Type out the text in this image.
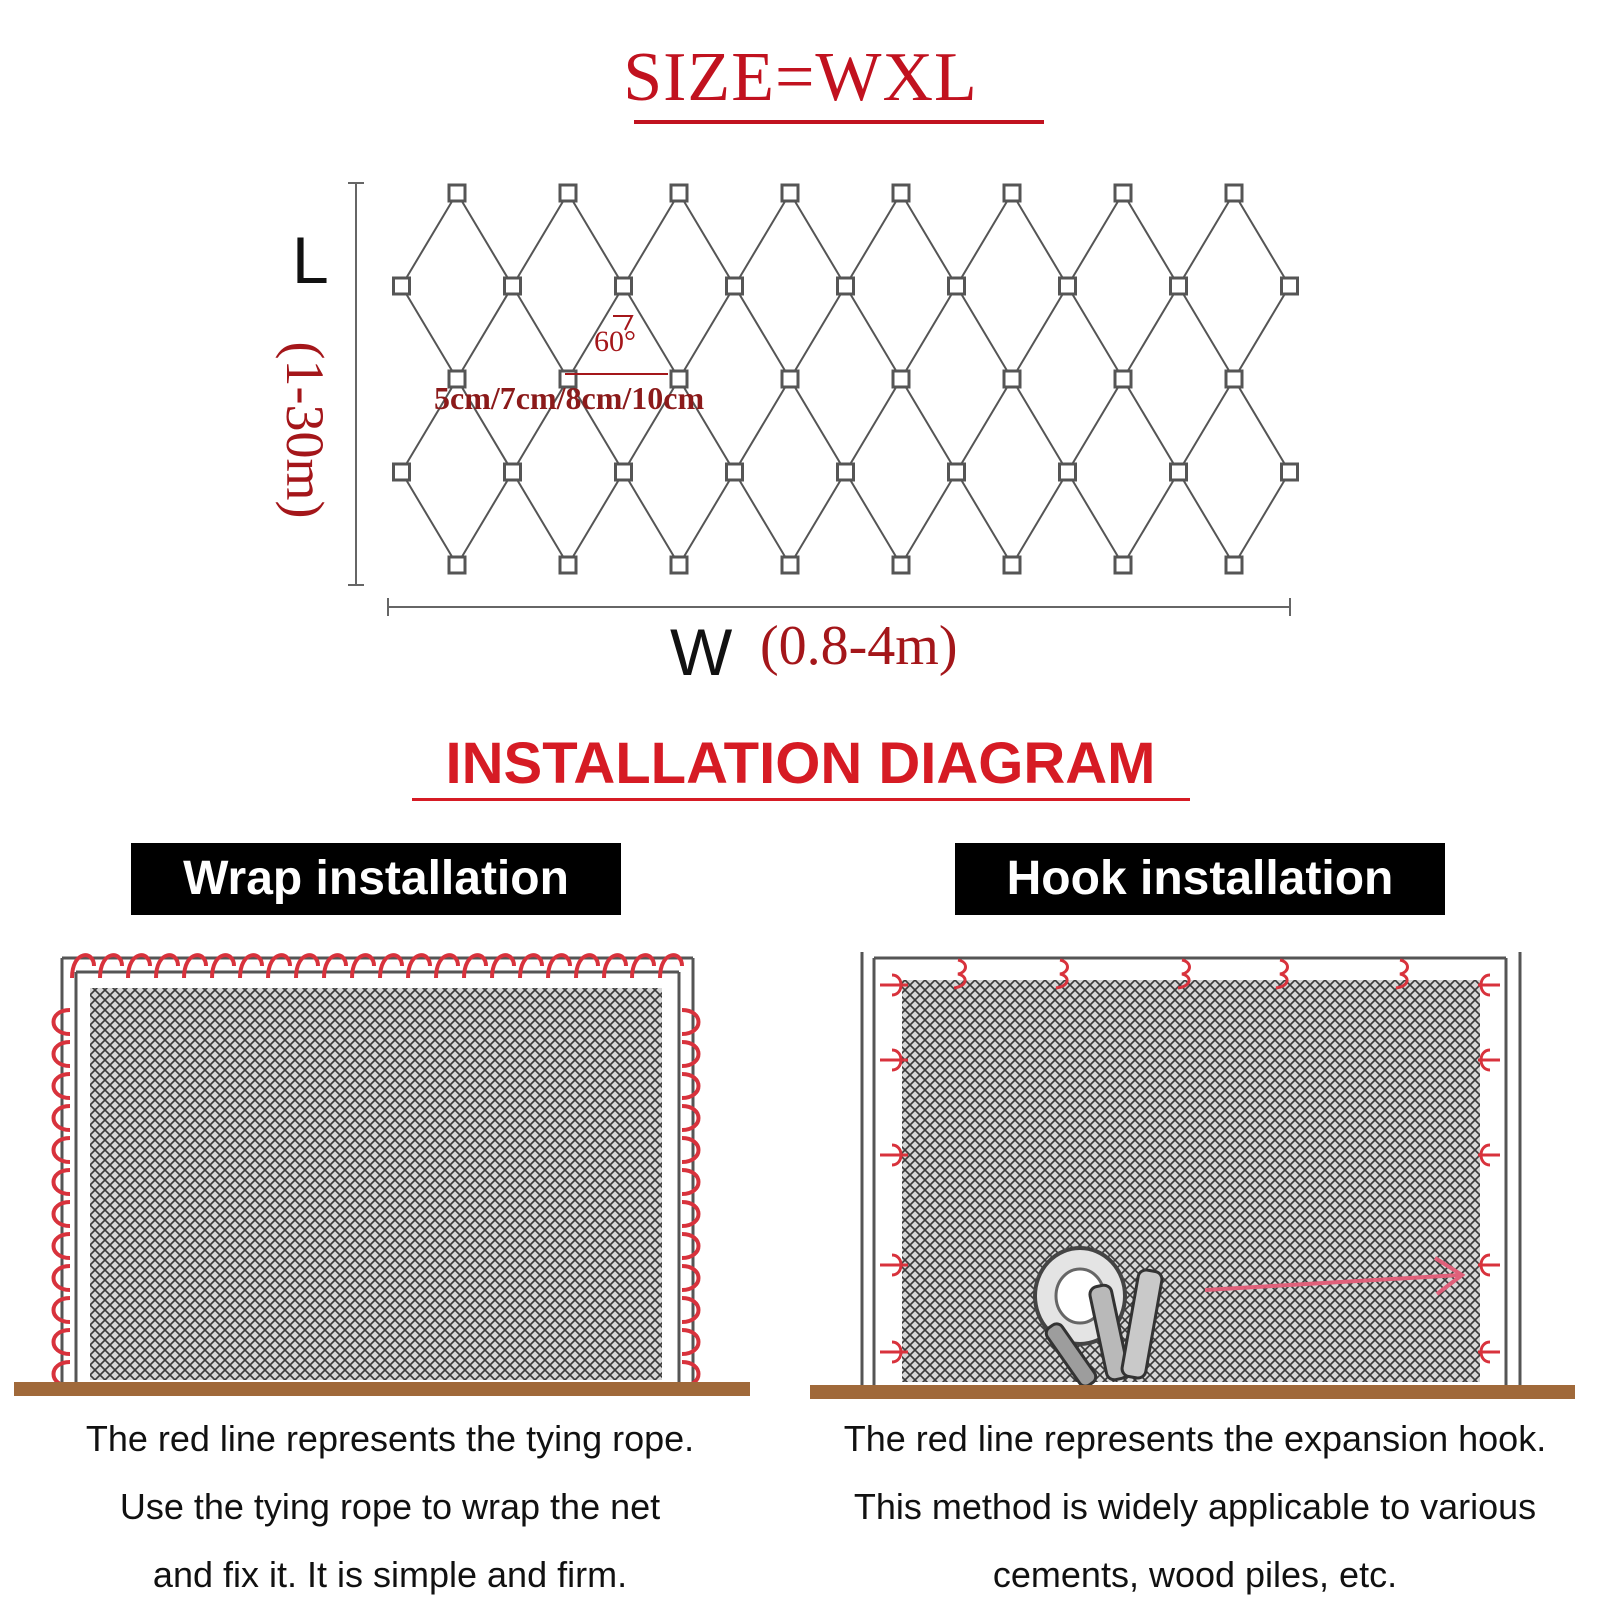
SIZE=WXL
L
(1-30m)
W (0.8-4m)
60°
5cm/7cm/8cm/10cm
INSTALLATION DIAGRAM
Wrap installation	Hook installation
The red line represents the tying rope.
Use the tying rope to wrap the net
and fix it. It is simple and firm.
The red line represents the expansion hook.
This method is widely applicable to various
cements, wood piles, etc.
